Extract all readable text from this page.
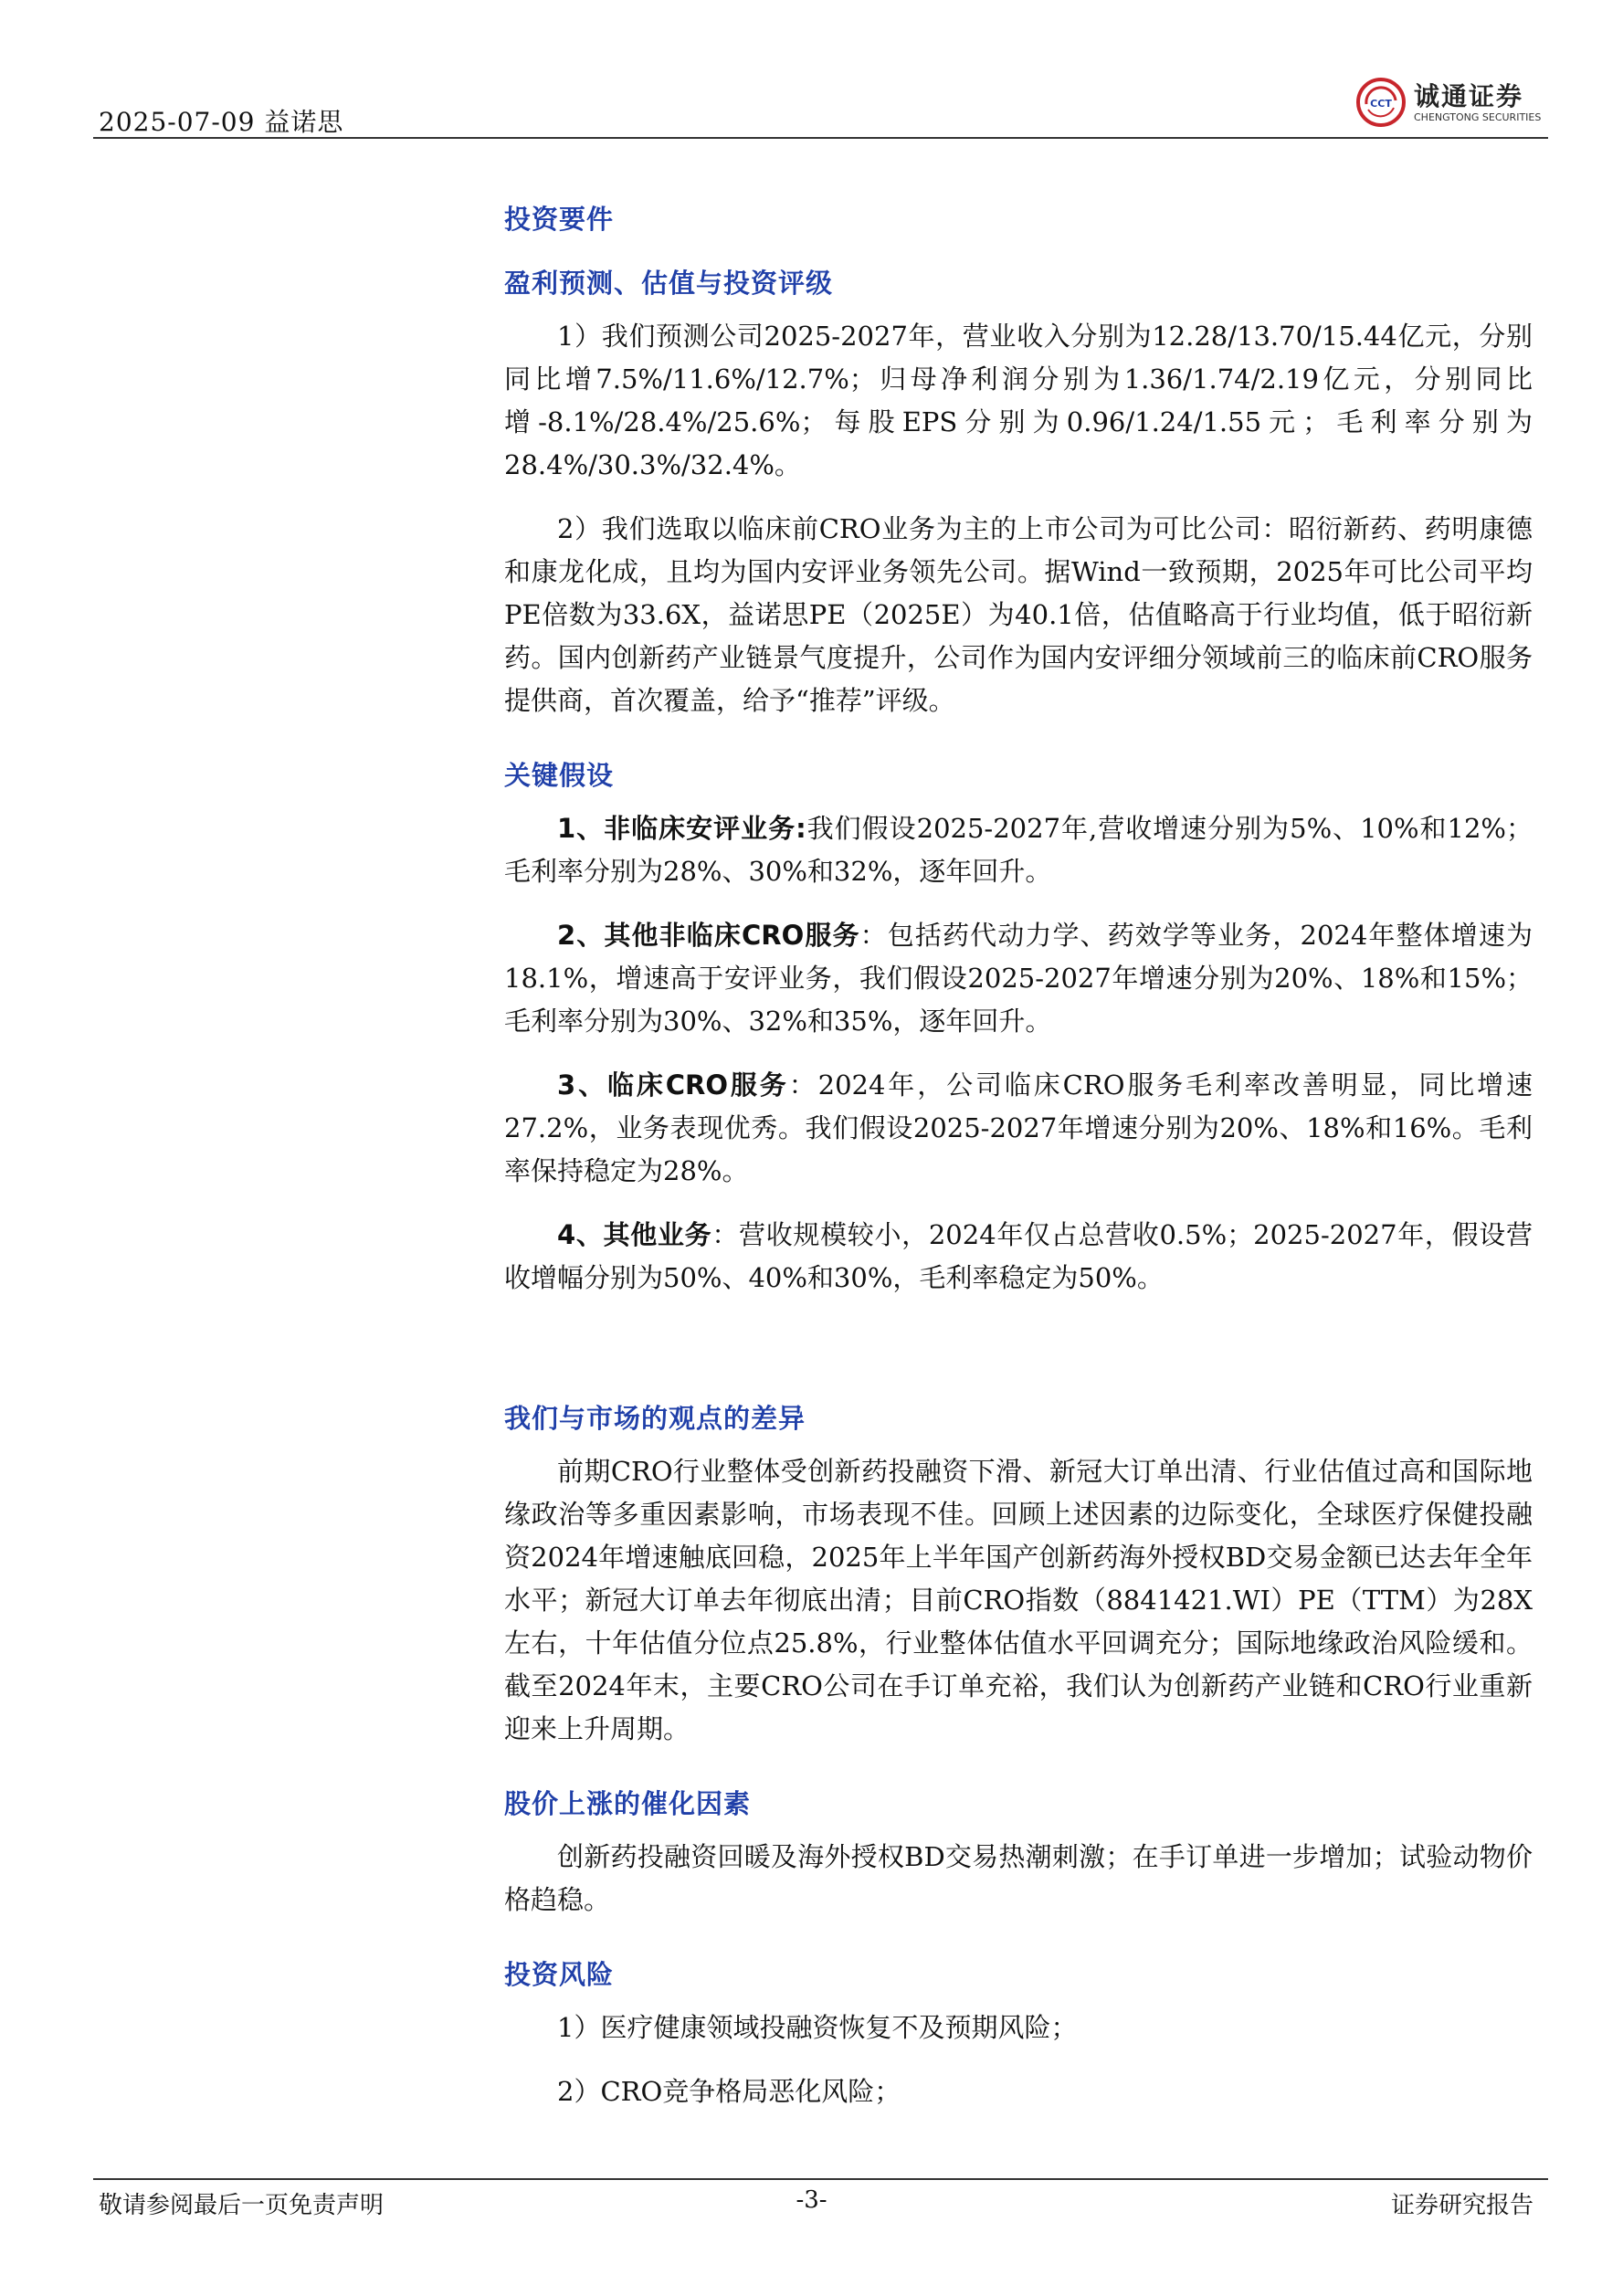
2025-07-09 益诺思
CCT 诚通证券
CHENGTONG SECURITIES
投资要件
盈利预测、估值与投资评级

1）我们预测公司2025-2027年，营业收入分别为12.28/13.70/15.44亿元，分别同比增7.5%/11.6%/12.7%；归母净利润分别为1.36/1.74/2.19亿元，分别同比增-8.1%/28.4%/25.6%；每股EPS分别为0.96/1.24/1.55元；毛利率分别为28.4%/30.3%/32.4%。

2）我们选取以临床前CRO业务为主的上市公司为可比公司：昭衍新药、药明康德和康龙化成，且均为国内安评业务领先公司。据Wind一致预期，2025年可比公司平均PE倍数为33.6X，益诺思PE（2025E）为40.1倍，估值略高于行业均值，低于昭衍新药。国内创新药产业链景气度提升，公司作为国内安评细分领域前三的临床前CRO服务提供商，首次覆盖，给予“推荐”评级。

关键假设

1、非临床安评业务:我们假设2025-2027年,营收增速分别为5%、10%和12%；毛利率分别为28%、30%和32%，逐年回升。

2、其他非临床CRO服务：包括药代动力学、药效学等业务，2024年整体增速为18.1%，增速高于安评业务，我们假设2025-2027年增速分别为20%、18%和15%；毛利率分别为30%、32%和35%，逐年回升。

3、临床CRO服务：2024年，公司临床CRO服务毛利率改善明显，同比增速27.2%，业务表现优秀。我们假设2025-2027年增速分别为20%、18%和16%。毛利率保持稳定为28%。

4、其他业务：营收规模较小，2024年仅占总营收0.5%；2025-2027年，假设营收增幅分别为50%、40%和30%，毛利率稳定为50%。

我们与市场的观点的差异

前期CRO行业整体受创新药投融资下滑、新冠大订单出清、行业估值过高和国际地缘政治等多重因素影响，市场表现不佳。回顾上述因素的边际变化，全球医疗保健投融资2024年增速触底回稳，2025年上半年国产创新药海外授权BD交易金额已达去年全年水平；新冠大订单去年彻底出清；目前CRO指数（8841421.WI）PE（TTM）为28X左右，十年估值分位点25.8%，行业整体估值水平回调充分；国际地缘政治风险缓和。截至2024年末，主要CRO公司在手订单充裕，我们认为创新药产业链和CRO行业重新迎来上升周期。

股价上涨的催化因素

创新药投融资回暖及海外授权BD交易热潮刺激；在手订单进一步增加；试验动物价格趋稳。

投资风险

1）医疗健康领域投融资恢复不及预期风险；

2）CRO竞争格局恶化风险；

敬请参阅最后一页免责声明	-3-	证券研究报告
